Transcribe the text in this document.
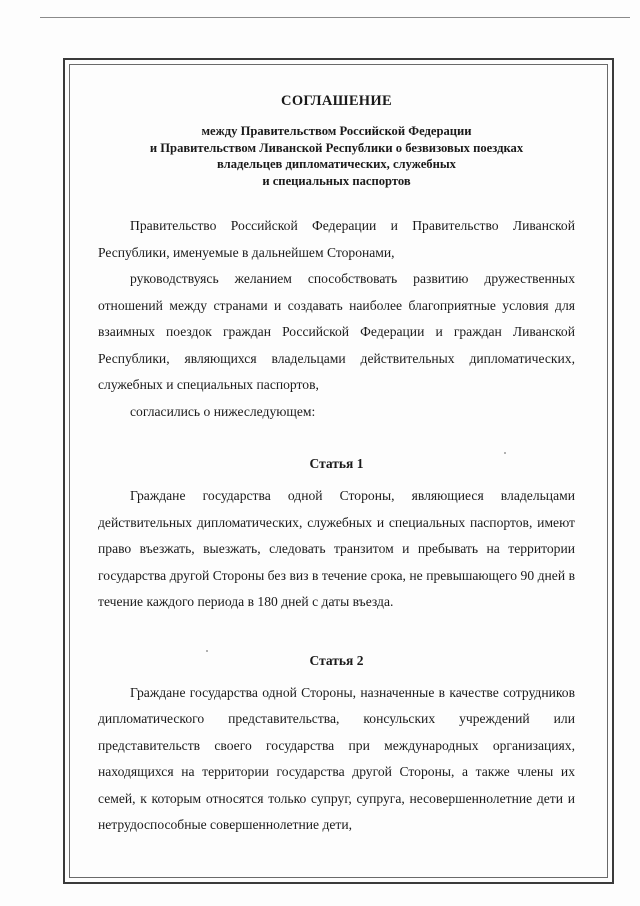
СОГЛАШЕНИЕ
между Правительством Российской Федерации
и Правительством Ливанской Республики о безвизовых поездках
владельцев дипломатических, служебных
и специальных паспортов

Правительство Российской Федерации и Правительство Ливанской Республики, именуемые в дальнейшем Сторонами,

руководствуясь желанием способствовать развитию дружественных отношений между странами и создавать наиболее благоприятные условия для взаимных поездок граждан Российской Федерации и граждан Ливанской Республики, являющихся владельцами действительных дипломатических, служебных и специальных паспортов,

согласились о нижеследующем:

Статья 1

Граждане государства одной Стороны, являющиеся владельцами действительных дипломатических, служебных и специальных паспортов, имеют право въезжать, выезжать, следовать транзитом и пребывать на территории государства другой Стороны без виз в течение срока, не превышающего 90 дней в течение каждого периода в 180 дней с даты въезда.

Статья 2

Граждане государства одной Стороны, назначенные в качестве сотрудников дипломатического представительства, консульских учреждений или представительств своего государства при международных организациях, находящихся на территории государства другой Стороны, а также члены их семей, к которым относятся только супруг, супруга, несовершеннолетние дети и нетрудоспособные совершеннолетние дети,
